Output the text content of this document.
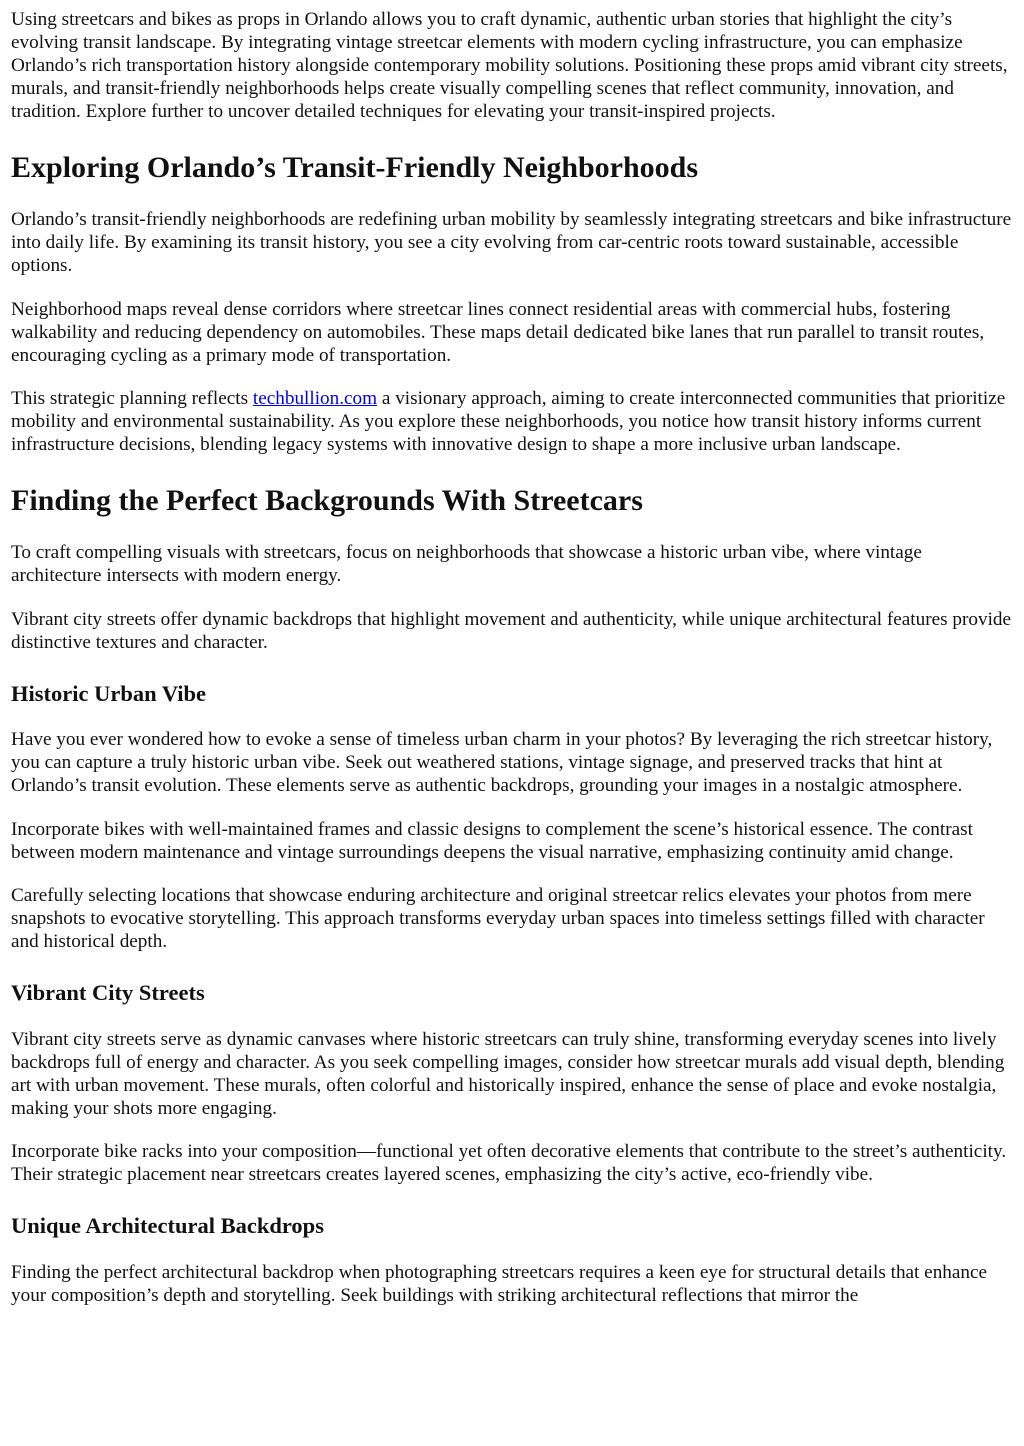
Using streetcars and bikes as props in Orlando allows you to craft dynamic, authentic urban stories that highlight the city’s evolving transit landscape. By integrating vintage streetcar elements with modern cycling infrastructure, you can emphasize Orlando’s rich transportation history alongside contemporary mobility solutions. Positioning these props amid vibrant city streets, murals, and transit-friendly neighborhoods helps create visually compelling scenes that reflect community, innovation, and tradition. Explore further to uncover detailed techniques for elevating your transit-inspired projects.

Exploring Orlando’s Transit-Friendly Neighborhoods

Orlando’s transit-friendly neighborhoods are redefining urban mobility by seamlessly integrating streetcars and bike infrastructure into daily life. By examining its transit history, you see a city evolving from car-centric roots toward sustainable, accessible options.

Neighborhood maps reveal dense corridors where streetcar lines connect residential areas with commercial hubs, fostering walkability and reducing dependency on automobiles. These maps detail dedicated bike lanes that run parallel to transit routes, encouraging cycling as a primary mode of transportation.

This strategic planning reflects techbullion.com a visionary approach, aiming to create interconnected communities that prioritize mobility and environmental sustainability. As you explore these neighborhoods, you notice how transit history informs current infrastructure decisions, blending legacy systems with innovative design to shape a more inclusive urban landscape.

Finding the Perfect Backgrounds With Streetcars

To craft compelling visuals with streetcars, focus on neighborhoods that showcase a historic urban vibe, where vintage architecture intersects with modern energy.

Vibrant city streets offer dynamic backdrops that highlight movement and authenticity, while unique architectural features provide distinctive textures and character.

Historic Urban Vibe

Have you ever wondered how to evoke a sense of timeless urban charm in your photos? By leveraging the rich streetcar history, you can capture a truly historic urban vibe. Seek out weathered stations, vintage signage, and preserved tracks that hint at Orlando’s transit evolution. These elements serve as authentic backdrops, grounding your images in a nostalgic atmosphere.

Incorporate bikes with well-maintained frames and classic designs to complement the scene’s historical essence. The contrast between modern maintenance and vintage surroundings deepens the visual narrative, emphasizing continuity amid change.

Carefully selecting locations that showcase enduring architecture and original streetcar relics elevates your photos from mere snapshots to evocative storytelling. This approach transforms everyday urban spaces into timeless settings filled with character and historical depth.

Vibrant City Streets

Vibrant city streets serve as dynamic canvases where historic streetcars can truly shine, transforming everyday scenes into lively backdrops full of energy and character. As you seek compelling images, consider how streetcar murals add visual depth, blending art with urban movement. These murals, often colorful and historically inspired, enhance the sense of place and evoke nostalgia, making your shots more engaging.

Incorporate bike racks into your composition—functional yet often decorative elements that contribute to the street’s authenticity. Their strategic placement near streetcars creates layered scenes, emphasizing the city’s active, eco-friendly vibe.

Unique Architectural Backdrops

Finding the perfect architectural backdrop when photographing streetcars requires a keen eye for structural details that enhance your composition’s depth and storytelling. Seek buildings with striking architectural reflections that mirror the
